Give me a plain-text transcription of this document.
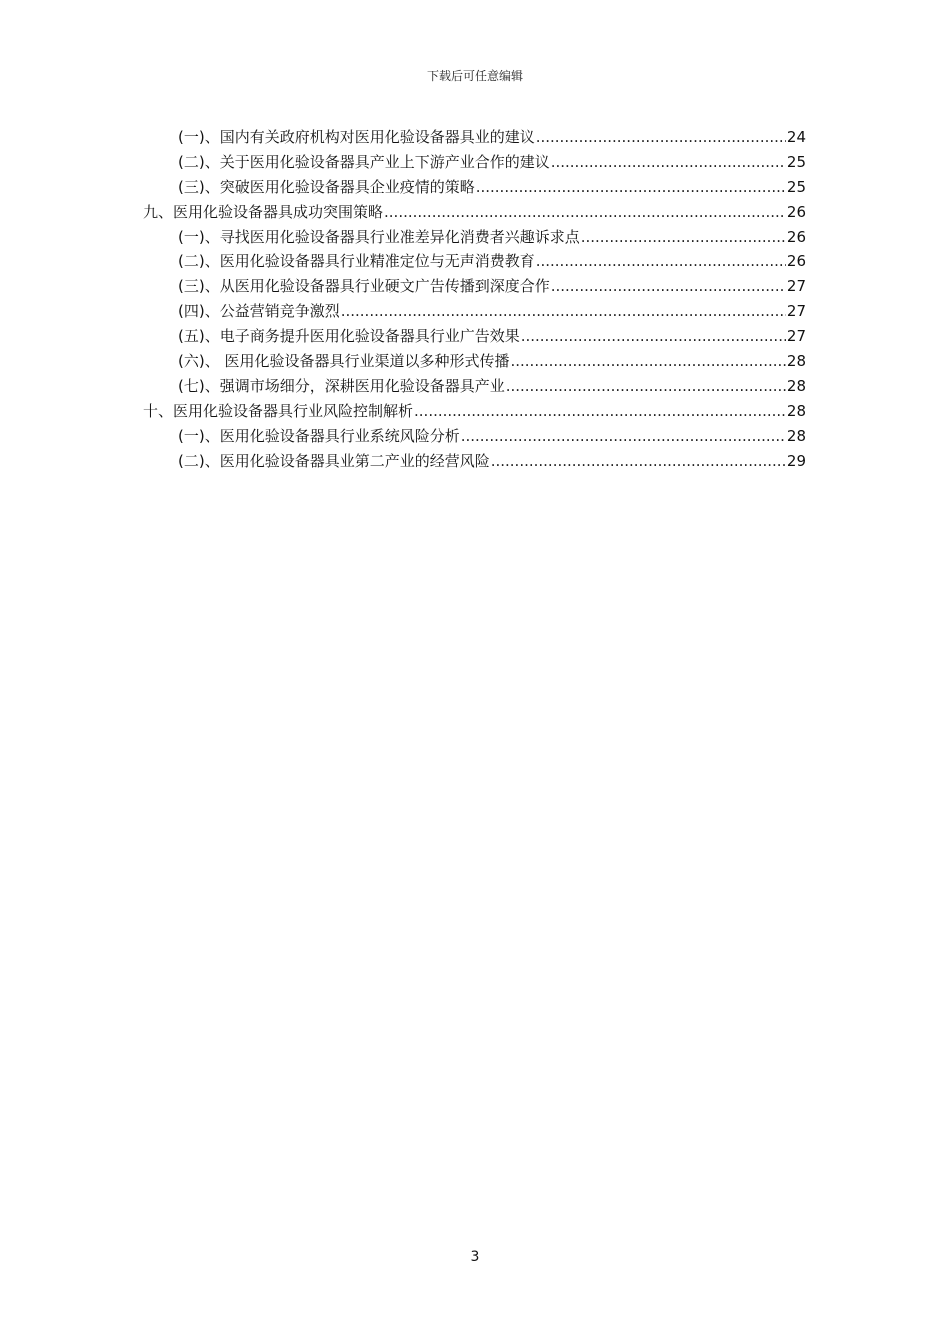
下载后可任意编辑
(一)、国内有关政府机构对医用化验设备器具业的建议 .....	24
(二)、关于医用化验设备器具产业上下游产业合作的建议 .....	25
(三)、突破医用化验设备器具企业疫情的策略 .....	25
九、医用化验设备器具成功突围策略 .....	26
(一)、寻找医用化验设备器具行业准差异化消费者兴趣诉求点 .....	26
(二)、医用化验设备器具行业精准定位与无声消费教育 .....	26
(三)、从医用化验设备器具行业硬文广告传播到深度合作 .....	27
(四)、公益营销竞争激烈 .....	27
(五)、电子商务提升医用化验设备器具行业广告效果 .....	27
(六)、 医用化验设备器具行业渠道以多种形式传播 .....	28
(七)、强调市场细分，深耕医用化验设备器具产业 .....	28
十、医用化验设备器具行业风险控制解析 .....	28
(一)、医用化验设备器具行业系统风险分析 .....	28
(二)、医用化验设备器具业第二产业的经营风险 .....	29
3
